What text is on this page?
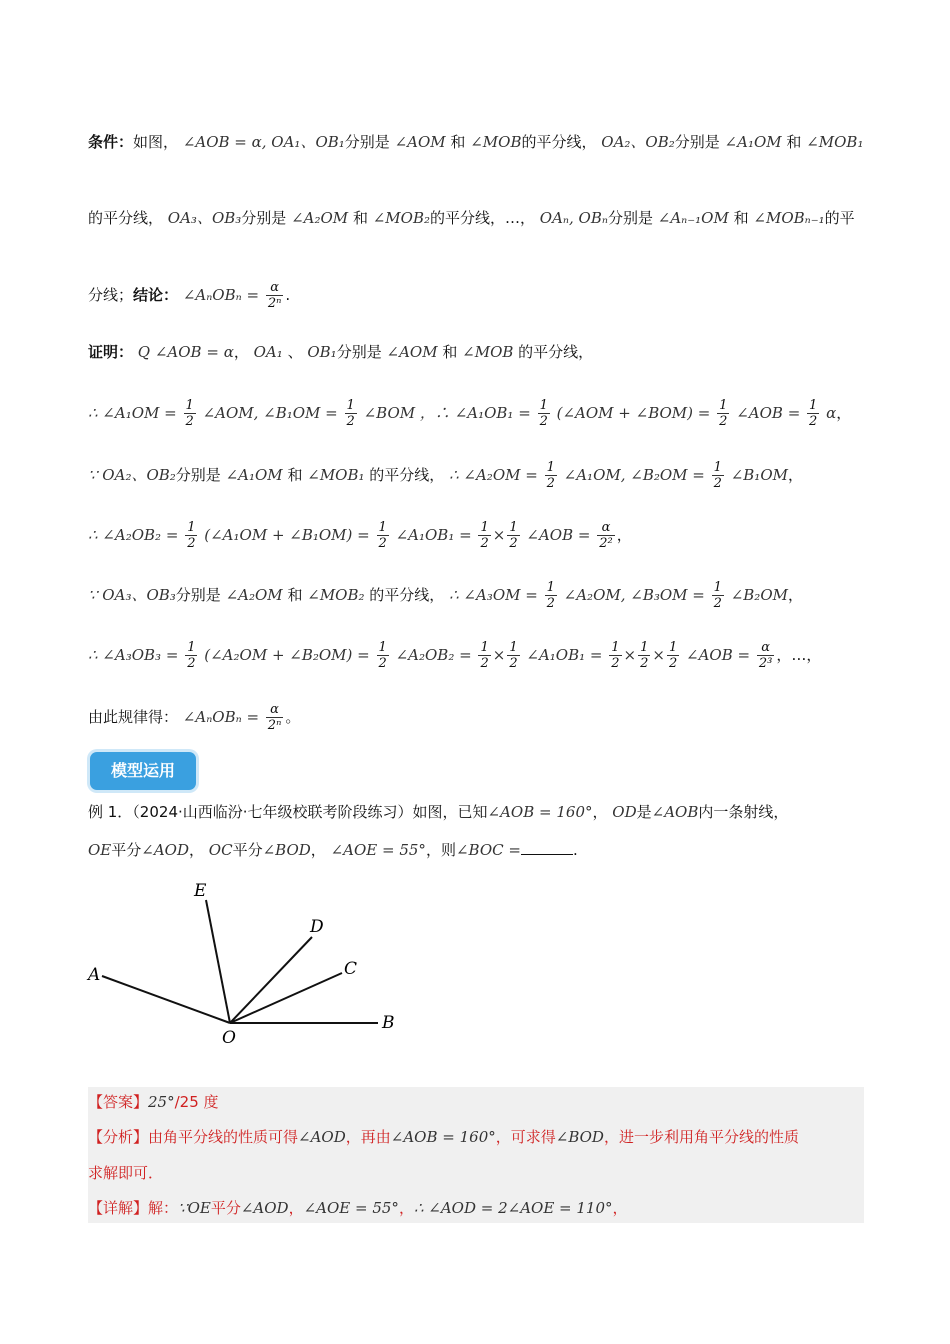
条件：如图， ∠AOB = α, OA₁、OB₁分别是 ∠AOM 和 ∠MOB的平分线， OA₂、OB₂分别是 ∠A₁OM 和 ∠MOB₁
的平分线， OA₃、OB₃分别是 ∠A₂OM 和 ∠MOB₂的平分线，…， OAₙ, OBₙ分别是 ∠Aₙ₋₁OM 和 ∠MOBₙ₋₁的平
分线；结论： ∠AₙOBₙ = $\frac{\alpha}{\text{2ⁿ}}$ .
证明： Q ∠AOB = α， OA₁ 、 OB₁分别是 ∠AOM 和 ∠MOB 的平分线，
∴ ∠A₁OM = $\frac{1}{2}$ ∠AOM, ∠B₁OM = $\frac{1}{2}$ ∠BOM ，∴ ∠A₁OB₁ = $\frac{1}{2}$ (∠AOM + ∠BOM) = $\frac{1}{2}$ ∠AOB = $\frac{1}{2}$ α，
∵ OA₂、OB₂分别是 ∠A₁OM 和 ∠MOB₁ 的平分线， ∴ ∠A₂OM = $\frac{1}{2}$ ∠A₁OM, ∠B₂OM = $\frac{1}{2}$ ∠B₁OM，
∴ ∠A₂OB₂ = $\frac{1}{2}$ (∠A₁OM + ∠B₁OM) = $\frac{1}{2}$ ∠A₁OB₁ = $\frac{1}{2} \times \frac{1}{2}$ ∠AOB = $\frac{\alpha}{\text{2²}}$ ，
∵ OA₃、OB₃分别是 ∠A₂OM 和 ∠MOB₂ 的平分线， ∴ ∠A₃OM = $\frac{1}{2}$ ∠A₂OM, ∠B₃OM = $\frac{1}{2}$ ∠B₂OM，
∴ ∠A₃OB₃ = $\frac{1}{2}$ (∠A₂OM + ∠B₂OM) = $\frac{1}{2}$ ∠A₂OB₂ = $\frac{1}{2} \times \frac{1}{2}$ ∠A₁OB₁ = $\frac{1}{2} \times \frac{1}{2} \times \frac{1}{2}$ ∠AOB = $\frac{\alpha}{\text{2³}}$ ，…，
由此规律得： ∠AₙOBₙ = $\frac{\alpha}{\text{2ⁿ}}$ 。
模型运用
例 1．（2024·山西临汾·七年级校联考阶段练习）如图，已知∠AOB = 160°， OD是∠AOB内一条射线，
OE平分∠AOD， OC平分∠BOD， ∠AOE = 55°，则∠BOC =	.
A
E
D
C
B
O
【答案】25°/25 度
【分析】由角平分线的性质可得∠AOD，再由∠AOB = 160°，可求得∠BOD，进一步利用角平分线的性质
求解即可．
【详解】解：∵OE平分∠AOD，∠AOE = 55°，∴ ∠AOD = 2∠AOE = 110°，
